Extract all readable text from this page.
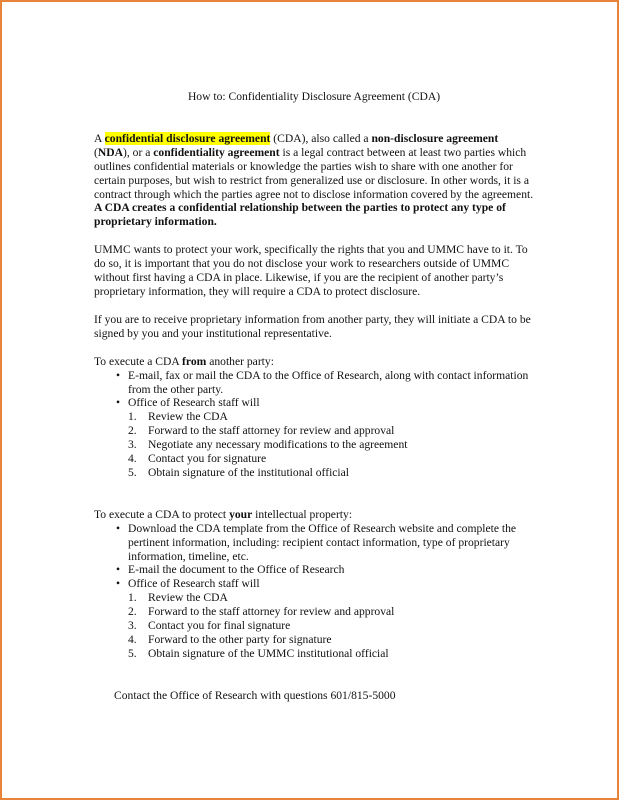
How to: Confidentiality Disclosure Agreement (CDA)

A confidential disclosure agreement (CDA), also called a non-disclosure agreement (NDA), or a confidentiality agreement is a legal contract between at least two parties which outlines confidential materials or knowledge the parties wish to share with one another for certain purposes, but wish to restrict from generalized use or disclosure. In other words, it is a contract through which the parties agree not to disclose information covered by the agreement. A CDA creates a confidential relationship between the parties to protect any type of proprietary information.

UMMC wants to protect your work, specifically the rights that you and UMMC have to it. To do so, it is important that you do not disclose your work to researchers outside of UMMC without first having a CDA in place. Likewise, if you are the recipient of another party’s proprietary information, they will require a CDA to protect disclosure.

If you are to receive proprietary information from another party, they will initiate a CDA to be signed by you and your institutional representative.

To execute a CDA from another party:
• E-mail, fax or mail the CDA to the Office of Research, along with contact information from the other party.
• Office of Research staff will
1. Review the CDA
2. Forward to the staff attorney for review and approval
3. Negotiate any necessary modifications to the agreement
4. Contact you for signature
5. Obtain signature of the institutional official
To execute a CDA to protect your intellectual property:
• Download the CDA template from the Office of Research website and complete the pertinent information, including: recipient contact information, type of proprietary information, timeline, etc.
• E-mail the document to the Office of Research
• Office of Research staff will
1. Review the CDA
2. Forward to the staff attorney for review and approval
3. Contact you for final signature
4. Forward to the other party for signature
5. Obtain signature of the UMMC institutional official
Contact the Office of Research with questions 601/815-5000
